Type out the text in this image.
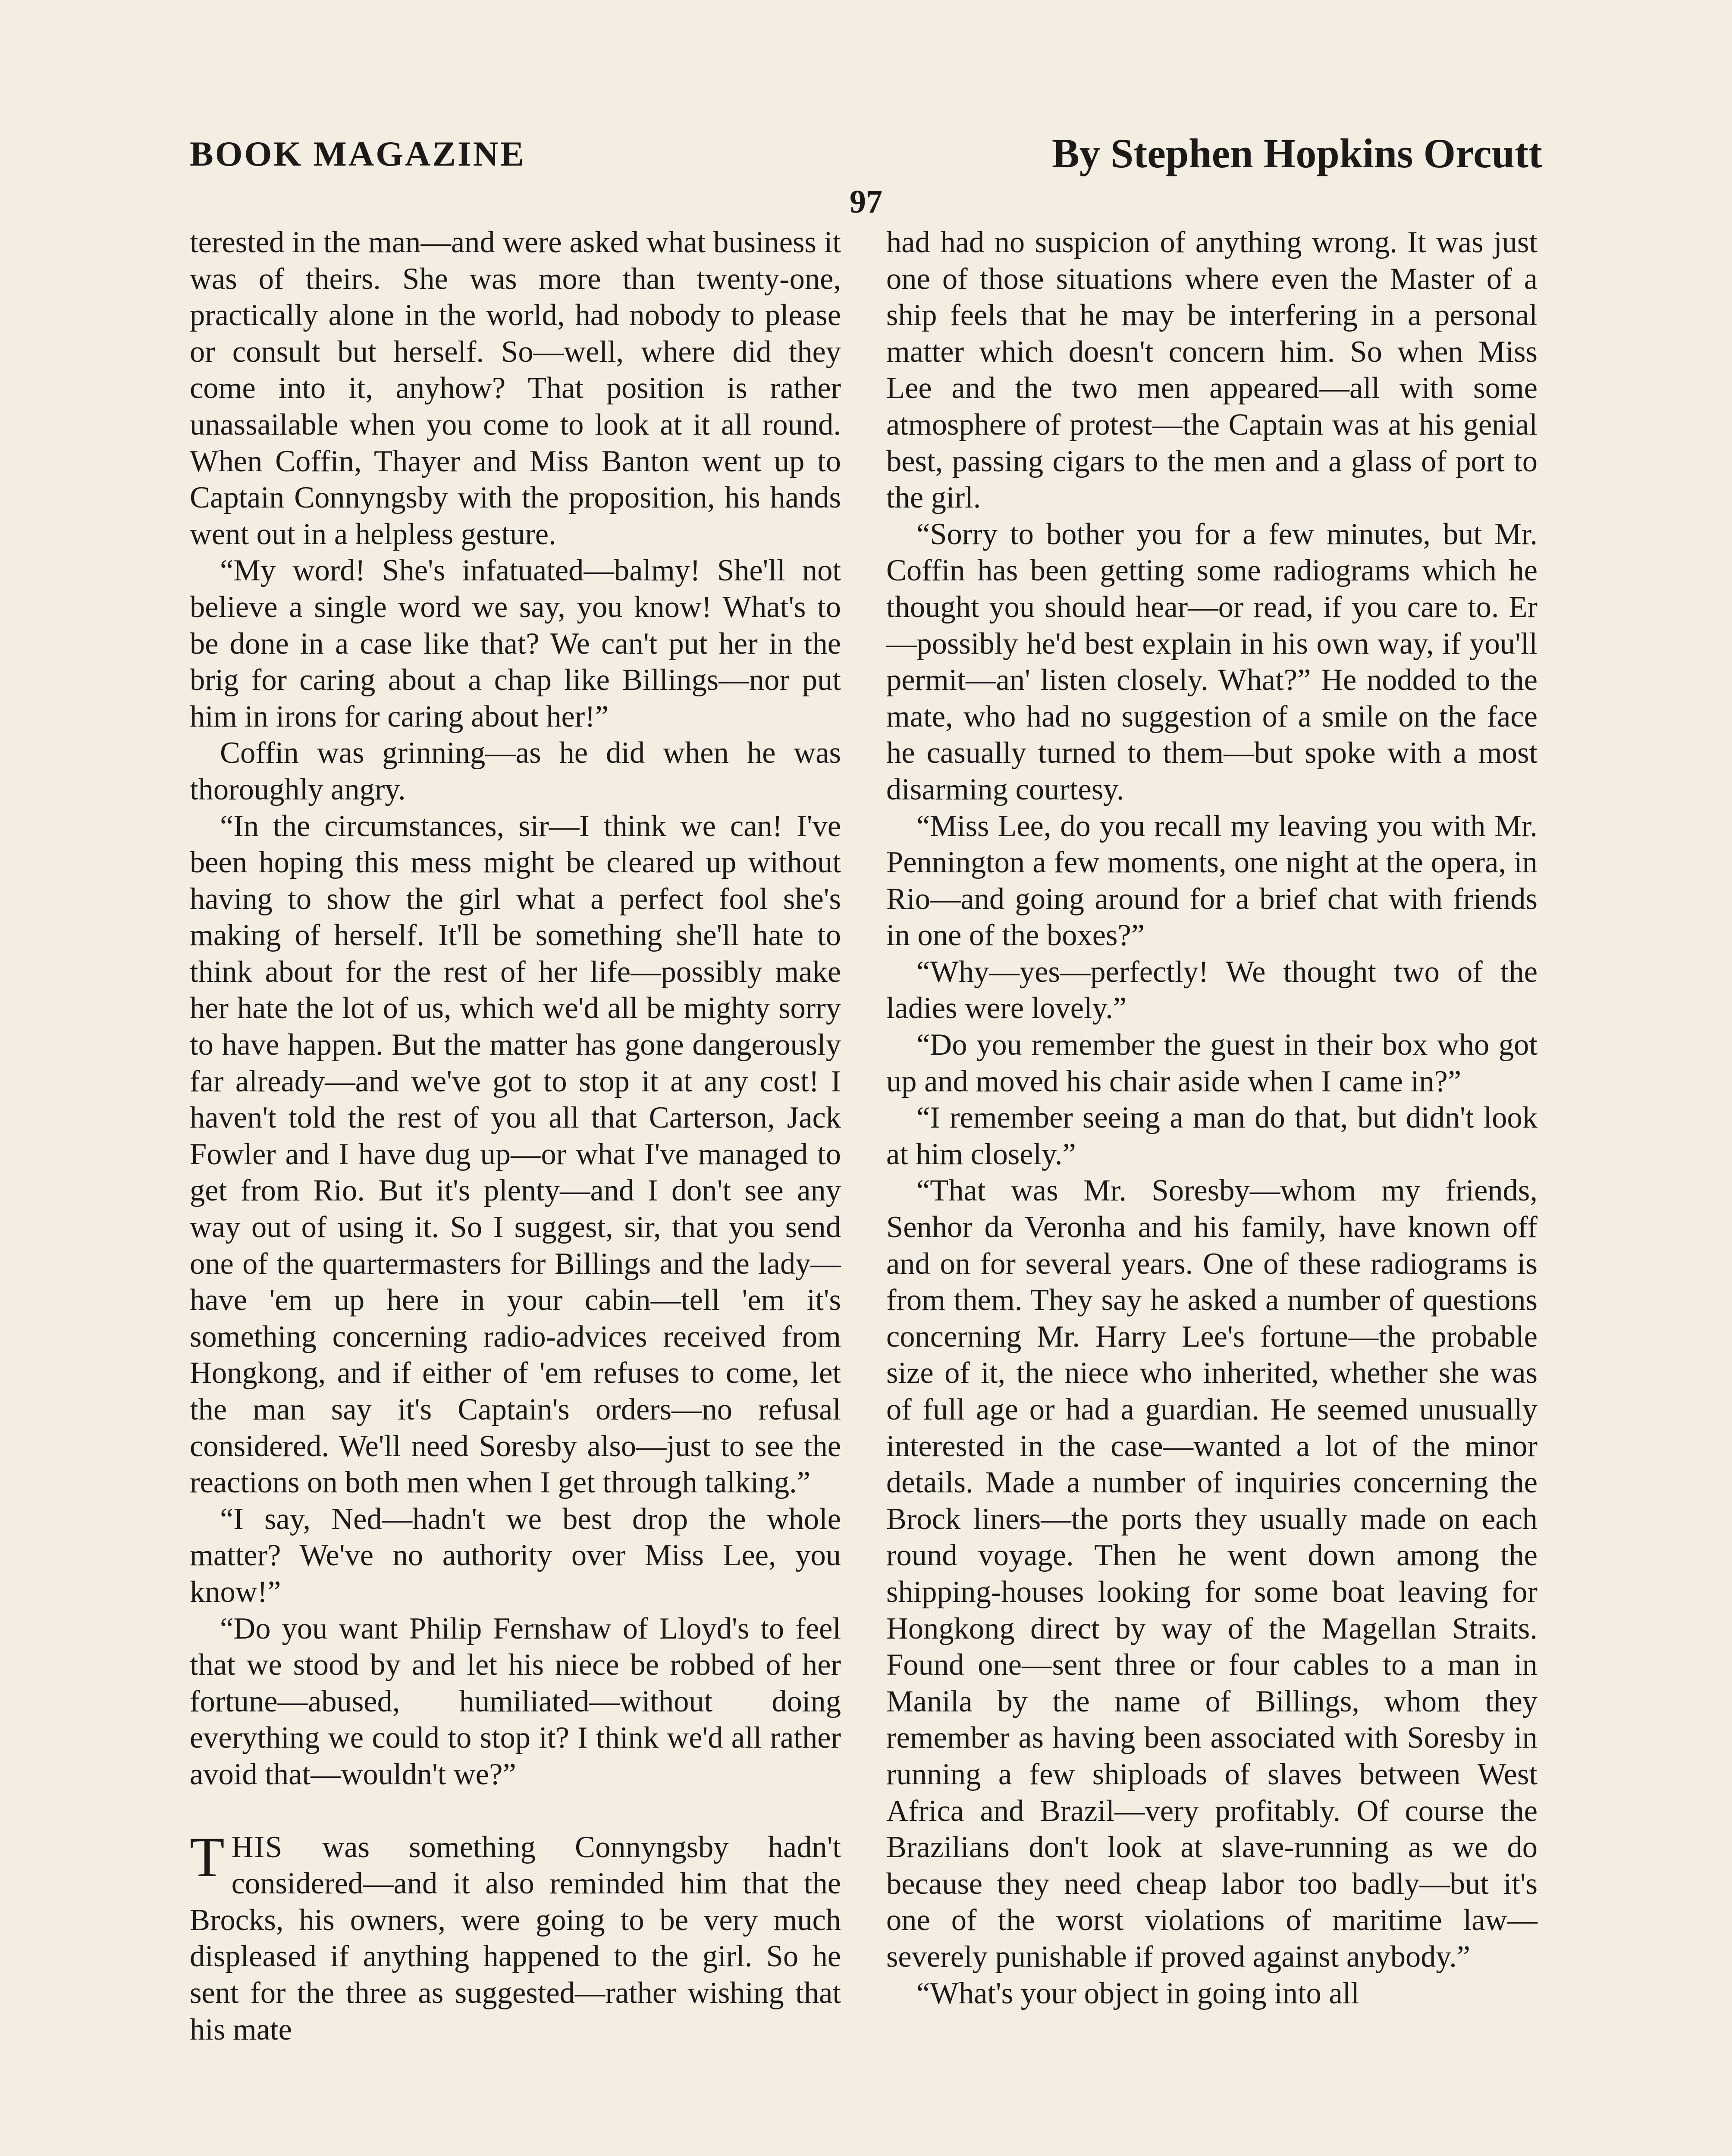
BOOK MAGAZINE	By Stephen Hopkins Orcutt
97

terested in the man—and were asked what business it was of theirs. She was more than twenty-one, practically alone in the world, had nobody to please or consult but herself. So—well, where did they come into it, anyhow? That position is rather unassailable when you come to look at it all round. When Coffin, Thayer and Miss Banton went up to Captain Connyngsby with the proposition, his hands went out in a helpless gesture.

“My word! She's infatuated—balmy! She'll not believe a single word we say, you know! What's to be done in a case like that? We can't put her in the brig for caring about a chap like Billings—nor put him in irons for caring about her!”

Coffin was grinning—as he did when he was thoroughly angry.

“In the circumstances, sir—I think we can! I've been hoping this mess might be cleared up without having to show the girl what a perfect fool she's making of herself. It'll be something she'll hate to think about for the rest of her life—possibly make her hate the lot of us, which we'd all be mighty sorry to have happen. But the matter has gone dangerously far already—and we've got to stop it at any cost! I haven't told the rest of you all that Carterson, Jack Fowler and I have dug up—or what I've managed to get from Rio. But it's plenty—and I don't see any way out of using it. So I suggest, sir, that you send one of the quartermasters for Billings and the lady—have 'em up here in your cabin—tell 'em it's something concerning radio-advices received from Hongkong, and if either of 'em refuses to come, let the man say it's Captain's orders—no refusal considered. We'll need Soresby also—just to see the reactions on both men when I get through talking.”

“I say, Ned—hadn't we best drop the whole matter? We've no authority over Miss Lee, you know!”

“Do you want Philip Fernshaw of Lloyd's to feel that we stood by and let his niece be robbed of her fortune—abused, humiliated—without doing everything we could to stop it? I think we'd all rather avoid that—wouldn't we?”

THIS was something Connyngsby hadn't considered—and it also reminded him that the Brocks, his owners, were going to be very much displeased if anything happened to the girl. So he sent for the three as suggested—rather wishing that his mate

had had no suspicion of anything wrong. It was just one of those situations where even the Master of a ship feels that he may be interfering in a personal matter which doesn't concern him. So when Miss Lee and the two men appeared—all with some atmosphere of protest—the Captain was at his genial best, passing cigars to the men and a glass of port to the girl.

“Sorry to bother you for a few minutes, but Mr. Coffin has been getting some radiograms which he thought you should hear—or read, if you care to. Er—possibly he'd best explain in his own way, if you'll permit—an' listen closely. What?” He nodded to the mate, who had no suggestion of a smile on the face he casually turned to them—but spoke with a most disarming courtesy.

“Miss Lee, do you recall my leaving you with Mr. Pennington a few moments, one night at the opera, in Rio—and going around for a brief chat with friends in one of the boxes?”

“Why—yes—perfectly! We thought two of the ladies were lovely.”

“Do you remember the guest in their box who got up and moved his chair aside when I came in?”

“I remember seeing a man do that, but didn't look at him closely.”

“That was Mr. Soresby—whom my friends, Senhor da Veronha and his family, have known off and on for several years. One of these radiograms is from them. They say he asked a number of questions concerning Mr. Harry Lee's fortune—the probable size of it, the niece who inherited, whether she was of full age or had a guardian. He seemed unusually interested in the case—wanted a lot of the minor details. Made a number of inquiries concerning the Brock liners—the ports they usually made on each round voyage. Then he went down among the shipping-houses looking for some boat leaving for Hongkong direct by way of the Magellan Straits. Found one—sent three or four cables to a man in Manila by the name of Billings, whom they remember as having been associated with Soresby in running a few shiploads of slaves between West Africa and Brazil—very profitably. Of course the Brazilians don't look at slave-running as we do because they need cheap labor too badly—but it's one of the worst violations of maritime law—severely punishable if proved against anybody.”

“What's your object in going into all
